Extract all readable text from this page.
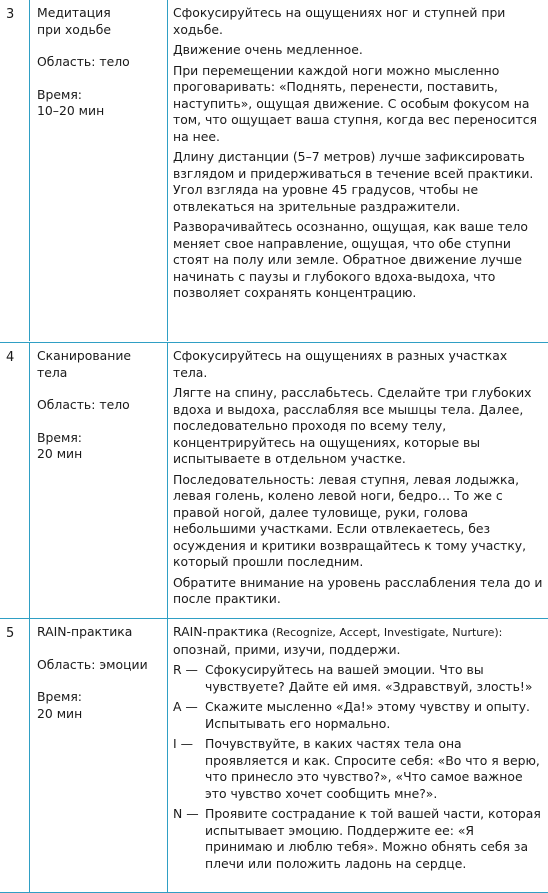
3 Медитация
при ходьбе
Область: тело
Время:
10–20 мин

Сфокусируйтесь на ощущениях ног и ступней при ходьбе.

Движение очень медленное.

При перемещении каждой ноги можно мысленно проговаривать: «Поднять, перенести, поставить, наступить», ощущая движение. С особым фокусом на том, что ощущает ваша ступня, когда вес переносится на нее.

Длину дистанции (5–7 метров) лучше зафиксировать взглядом и придерживаться в течение всей практики. Угол взгляда на уровне 45 градусов, чтобы не отвлекаться на зрительные раздражители.

Разворачивайтесь осознанно, ощущая, как ваше тело меняет свое направление, ощущая, что обе ступни стоят на полу или земле. Обратное движение лучше начинать с паузы и глубокого вдоха-выдоха, что позволяет сохранять концентрацию.

4 Сканирование
тела
Область: тело
Время:
20 мин

Сфокусируйтесь на ощущениях в разных участках тела.

Лягте на спину, расслабьтесь. Сделайте три глубоких вдоха и выдоха, расслабляя все мышцы тела. Далее, последовательно проходя по всему телу, концентрируйтесь на ощущениях, которые вы испытываете в отдельном участке.

Последовательность: левая ступня, левая лодыжка, левая голень, колено левой ноги, бедро… То же с правой ногой, далее туловище, руки, голова небольшими участками. Если отвлекаетесь, без осуждения и критики возвращайтесь к тому участку, который прошли последним.

Обратите внимание на уровень расслабления тела до и после практики.

5 RAIN-практика
Область: эмоции
Время:
20 мин

RAIN-практика (Recognize, Accept, Investigate, Nurture):
опознай, прими, изучи, поддержи.

R — Сфокусируйтесь на вашей эмоции. Что вы чувствуете? Дайте ей имя. «Здравствуй, злость!»
A — Скажите мысленно «Да!» этому чувству и опыту. Испытывать его нормально.
I — Почувствуйте, в каких частях тела она проявляется и как. Спросите себя: «Во что я верю, что принесло это чувство?», «Что самое важное это чувство хочет сообщить мне?».
N — Проявите сострадание к той вашей части, которая испытывает эмоцию. Поддержите ее: «Я принимаю и люблю тебя». Можно обнять себя за плечи или положить ладонь на сердце.
